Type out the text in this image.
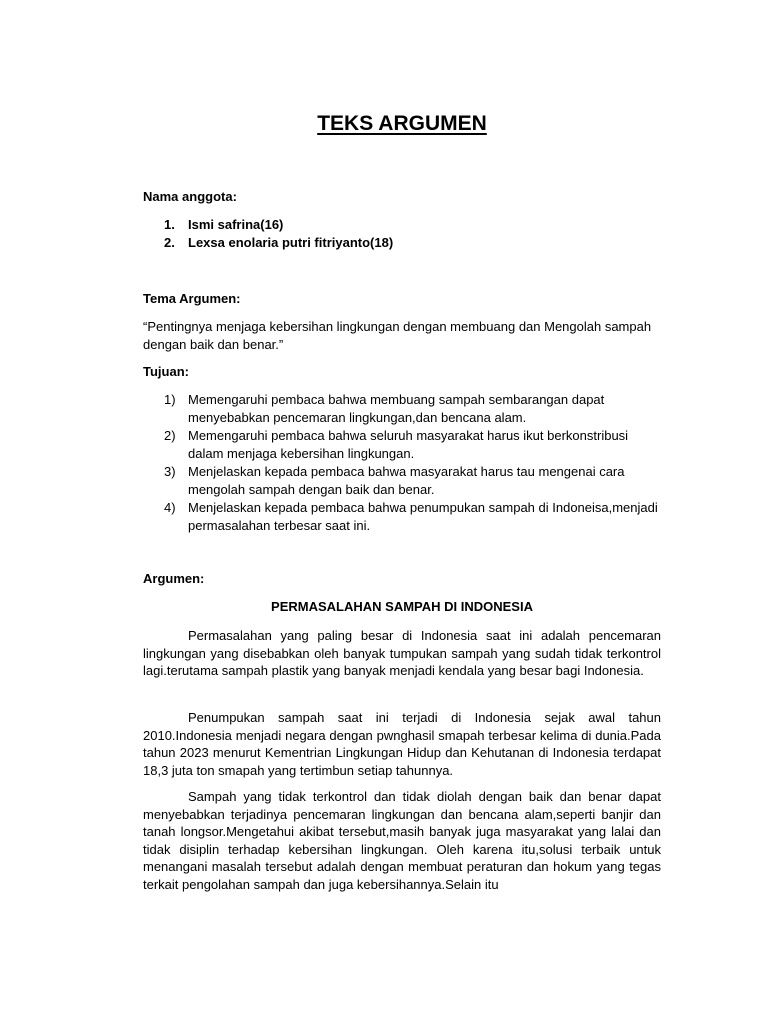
TEKS ARGUMEN
Nama anggota:
1. Ismi safrina(16)
2. Lexsa enolaria putri fitriyanto(18)
Tema Argumen:
“Pentingnya menjaga kebersihan lingkungan dengan membuang dan Mengolah sampah dengan baik dan benar.”
Tujuan:
1) Memengaruhi pembaca bahwa membuang sampah sembarangan dapat menyebabkan pencemaran lingkungan,dan bencana alam.
2) Memengaruhi pembaca bahwa seluruh masyarakat harus ikut berkonstribusi dalam menjaga kebersihan lingkungan.
3) Menjelaskan kepada pembaca bahwa masyarakat harus tau mengenai cara mengolah sampah dengan baik dan benar.
4) Menjelaskan kepada pembaca bahwa penumpukan sampah di Indoneisa,menjadi permasalahan terbesar saat ini.
Argumen:
PERMASALAHAN SAMPAH DI INDONESIA

Permasalahan yang paling besar di Indonesia saat ini adalah pencemaran lingkungan yang disebabkan oleh banyak tumpukan sampah yang sudah tidak terkontrol lagi.terutama sampah plastik yang banyak menjadi kendala yang besar bagi Indonesia.

Penumpukan sampah saat ini terjadi di Indonesia sejak awal tahun 2010.Indonesia menjadi negara dengan pwnghasil smapah terbesar kelima di dunia.Pada tahun 2023 menurut Kementrian Lingkungan Hidup dan Kehutanan di Indonesia terdapat 18,3 juta ton smapah yang tertimbun setiap tahunnya.

Sampah yang tidak terkontrol dan tidak diolah dengan baik dan benar dapat menyebabkan terjadinya pencemaran lingkungan dan bencana alam,seperti banjir dan tanah longsor.Mengetahui akibat tersebut,masih banyak juga masyarakat yang lalai dan tidak disiplin terhadap kebersihan lingkungan. Oleh karena itu,solusi terbaik untuk menangani masalah tersebut adalah dengan membuat peraturan dan hokum yang tegas terkait pengolahan sampah dan juga kebersihannya.Selain itu
